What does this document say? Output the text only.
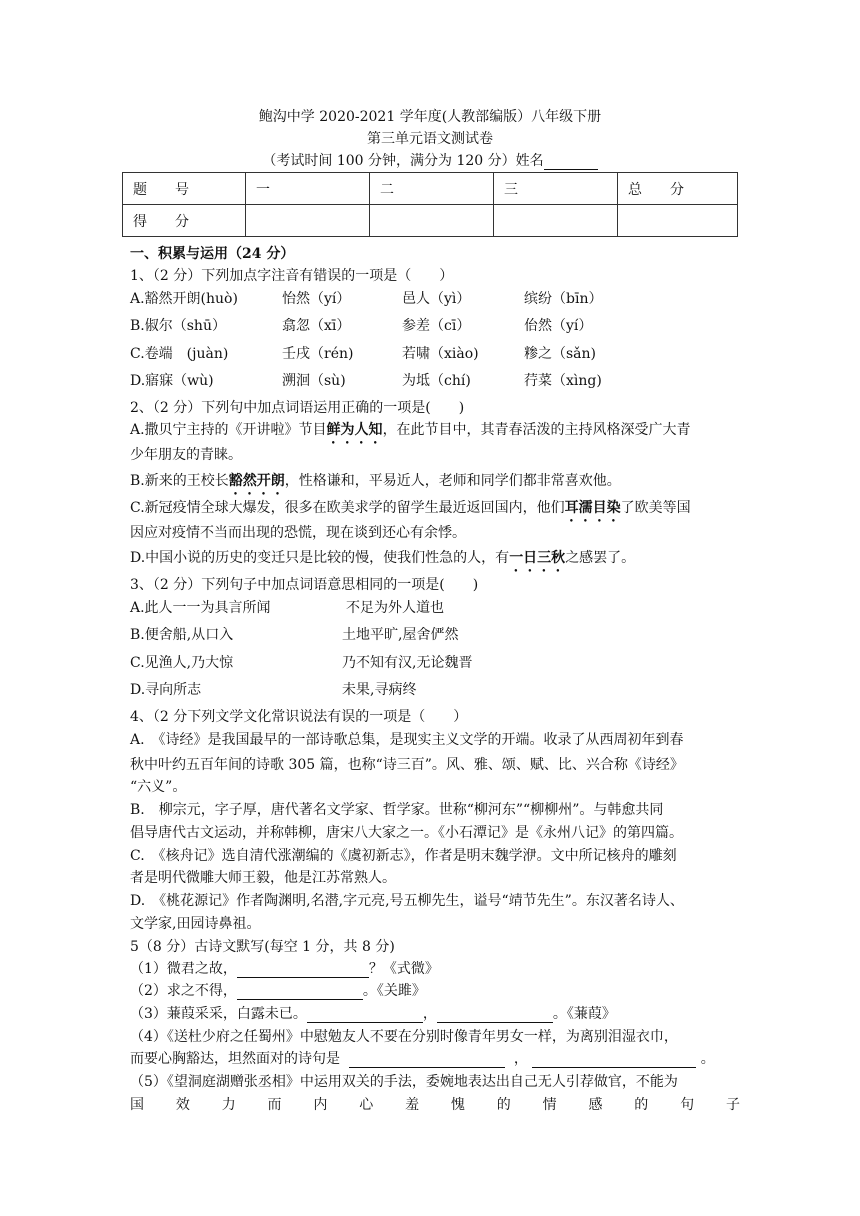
鲍沟中学 2020-2021 学年度(人教部编版）八年级下册
第三单元语文测试卷
（考试时间 100 分钟，满分为 120 分）姓名
题　　号	一	二	三	总　　分
得　　分				
一、积累与运用（24 分）
1、（2 分）下列加点字注音有错误的一项是（　　）
A.豁然开朗(huò)	怡然（yí）	邑人（yì）	缤纷（bīn）
B.俶尔（shū）	翕忽（xī）	参差（cī）	佁然（yí）
C.卷端　(juàn)	壬戌（rén)	若啸（xiào)	糁之（sǎn)
D.寤寐（wù)	溯洄（sù)	为坻（chí)	荇菜（xìng)
2、（2 分）下列句中加点词语运用正确的一项是(　　)
A.撒贝宁主持的《开讲啦》节目鲜为人知，在此节目中，其青春活泼的主持风格深受广大青
少年朋友的青睐。
B.新来的王校长豁然开朗，性格谦和，平易近人，老师和同学们都非常喜欢他。
C.新冠疫情全球大爆发，很多在欧美求学的留学生最近返回国内，他们耳濡目染了欧美等国
因应对疫情不当而出现的恐慌，现在谈到还心有余悸。
D.中国小说的历史的变迁只是比较的慢，使我们性急的人，有一日三秋之感罢了。
3、（2 分）下列句子中加点词语意思相同的一项是(　　)
A.此人一一为具言所闻	不足为外人道也
B.便舍船,从口入	土地平旷,屋舍俨然
C.见渔人,乃大惊	乃不知有汉,无论魏晋
D.寻向所志	未果,寻病终
4、（2 分下列文学文化常识说法有误的一项是（　　）
A.　《诗经》是我国最早的一部诗歌总集，是现实主义文学的开端。收录了从西周初年到春
秋中叶约五百年间的诗歌 305 篇，也称“诗三百”。风、雅、颂、赋、比、兴合称《诗经》
“六义”。
B.　柳宗元，字子厚，唐代著名文学家、哲学家。世称“柳河东”“柳柳州”。与韩愈共同
倡导唐代古文运动，并称韩柳，唐宋八大家之一。《小石潭记》是《永州八记》的第四篇。
C.　《核舟记》选自清代涨潮编的《虞初新志》，作者是明末魏学洢。文中所记核舟的雕刻
者是明代微雕大师王毅，他是江苏常熟人。
D.　《桃花源记》作者陶渊明,名潜,字元亮,号五柳先生，谥号“靖节先生”。东汉著名诗人、
文学家,田园诗鼻祖。
5（8 分）古诗文默写(每空 1 分，共 8 分)
（1）微君之故，	？《式微》
（2）求之不得，	。《关雎》
（3）蒹葭采采，白露未已。	，	。《蒹葭》
（4）《送杜少府之任蜀州》中慰勉友人不要在分别时像青年男女一样，为离别泪湿衣巾，
而要心胸豁达，坦然面对的诗句是	，	。
（5）《望洞庭湖赠张丞相》中运用双关的手法，委婉地表达出自己无人引荐做官，不能为
国效力而内心羞愧的情感的句子
